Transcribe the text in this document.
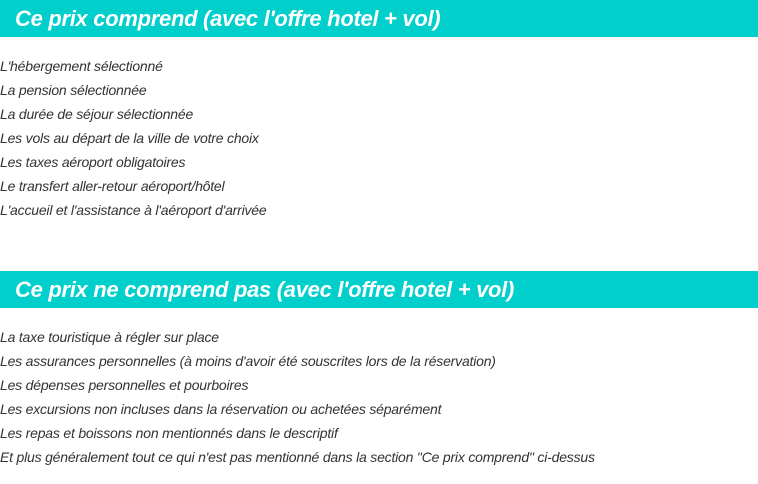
Ce prix comprend (avec l'offre hotel + vol)
L'hébergement sélectionné
La pension sélectionnée
La durée de séjour sélectionnée
Les vols au départ de la ville de votre choix
Les taxes aéroport obligatoires
Le transfert aller-retour aéroport/hôtel
L'accueil et l'assistance à l'aéroport d'arrivée
Ce prix ne comprend pas (avec l'offre hotel + vol)
La taxe touristique à régler sur place
Les assurances personnelles (à moins d'avoir été souscrites lors de la réservation)
Les dépenses personnelles et pourboires
Les excursions non incluses dans la réservation ou achetées séparément
Les repas et boissons non mentionnés dans le descriptif
Et plus généralement tout ce qui n'est pas mentionné dans la section "Ce prix comprend" ci-dessus
